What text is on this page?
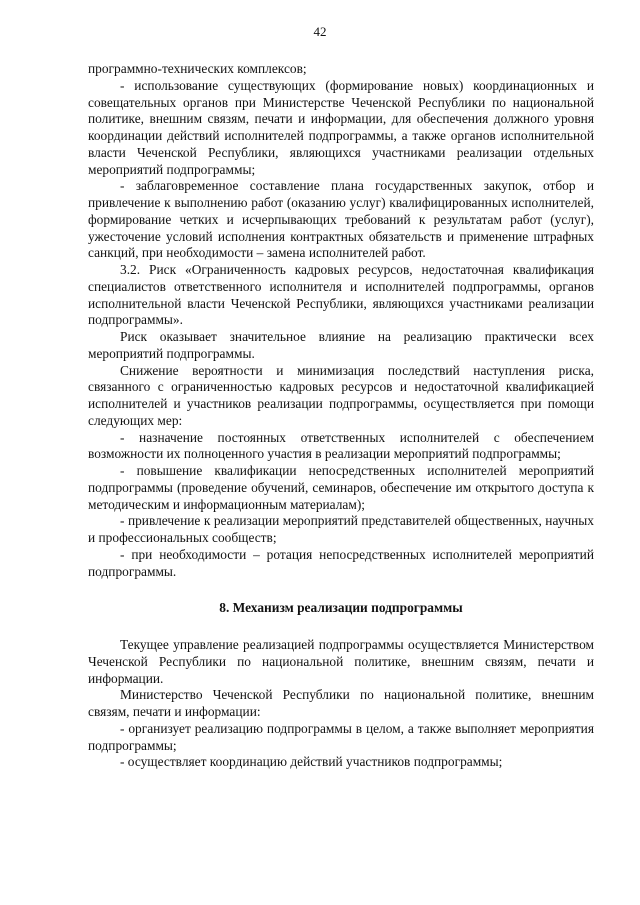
42

программно-технических комплексов;

- использование существующих (формирование новых) координационных и совещательных органов при Министерстве Чеченской Республики по национальной политике, внешним связям, печати и информации, для обеспечения должного уровня координации действий исполнителей подпрограммы, а также органов исполнительной власти Чеченской Республики, являющихся участниками реализации отдельных мероприятий подпрограммы;

- заблаговременное составление плана государственных закупок, отбор и привлечение к выполнению работ (оказанию услуг) квалифицированных исполнителей, формирование четких и исчерпывающих требований к результатам работ (услуг), ужесточение условий исполнения контрактных обязательств и применение штрафных санкций, при необходимости – замена исполнителей работ.

3.2. Риск «Ограниченность кадровых ресурсов, недостаточная квалификация специалистов ответственного исполнителя и исполнителей подпрограммы, органов исполнительной власти Чеченской Республики, являющихся участниками реализации подпрограммы».

Риск оказывает значительное влияние на реализацию практически всех мероприятий подпрограммы.

Снижение вероятности и минимизация последствий наступления риска, связанного с ограниченностью кадровых ресурсов и недостаточной квалификацией исполнителей и участников реализации подпрограммы, осуществляется при помощи следующих мер:

- назначение постоянных ответственных исполнителей с обеспечением возможности их полноценного участия в реализации мероприятий подпрограммы;

- повышение квалификации непосредственных исполнителей мероприятий подпрограммы (проведение обучений, семинаров, обеспечение им открытого доступа к методическим и информационным материалам);

- привлечение к реализации мероприятий представителей общественных, научных и профессиональных сообществ;

- при необходимости – ротация непосредственных исполнителей мероприятий подпрограммы.

8. Механизм реализации подпрограммы

Текущее управление реализацией подпрограммы осуществляется Министерством Чеченской Республики по национальной политике, внешним связям, печати и информации.

Министерство Чеченской Республики по национальной политике, внешним связям, печати и информации:

- организует реализацию подпрограммы в целом, а также выполняет мероприятия подпрограммы;

- осуществляет координацию действий участников подпрограммы;
